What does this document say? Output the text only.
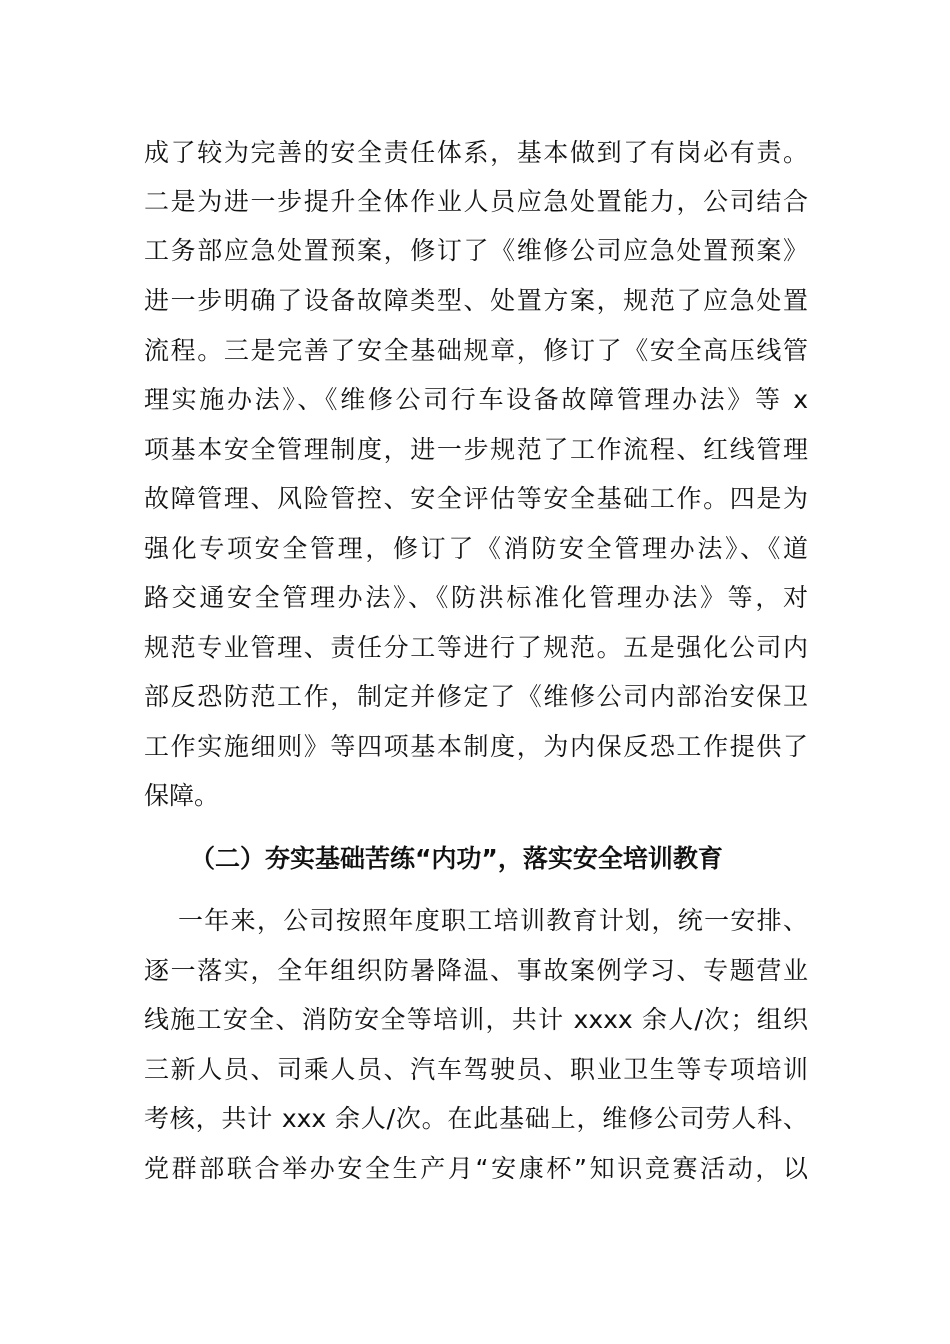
成了较为完善的安全责任体系，基本做到了有岗必有责。
二是为进一步提升全体作业人员应急处置能力，公司结合
工务部应急处置预案，修订了《维修公司应急处置预案》
进一步明确了设备故障类型、处置方案，规范了应急处置
流程。三是完善了安全基础规章，修订了《安全高压线管
理实施办法》、《维修公司行车设备故障管理办法》等 x
项基本安全管理制度，进一步规范了工作流程、红线管理
故障管理、风险管控、安全评估等安全基础工作。四是为
强化专项安全管理，修订了《消防安全管理办法》、《道
路交通安全管理办法》、《防洪标准化管理办法》等，对
规范专业管理、责任分工等进行了规范。五是强化公司内
部反恐防范工作，制定并修定了《维修公司内部治安保卫
工作实施细则》等四项基本制度，为内保反恐工作提供了
保障。
（二）夯实基础苦练“内功”，落实安全培训教育
一年来，公司按照年度职工培训教育计划，统一安排、
逐一落实，全年组织防暑降温、事故案例学习、专题营业
线施工安全、消防安全等培训，共计 xxxx 余人/次；组织
三新人员、司乘人员、汽车驾驶员、职业卫生等专项培训
考核，共计 xxx 余人/次。在此基础上，维修公司劳人科、
党群部联合举办安全生产月“安康杯”知识竞赛活动，以
